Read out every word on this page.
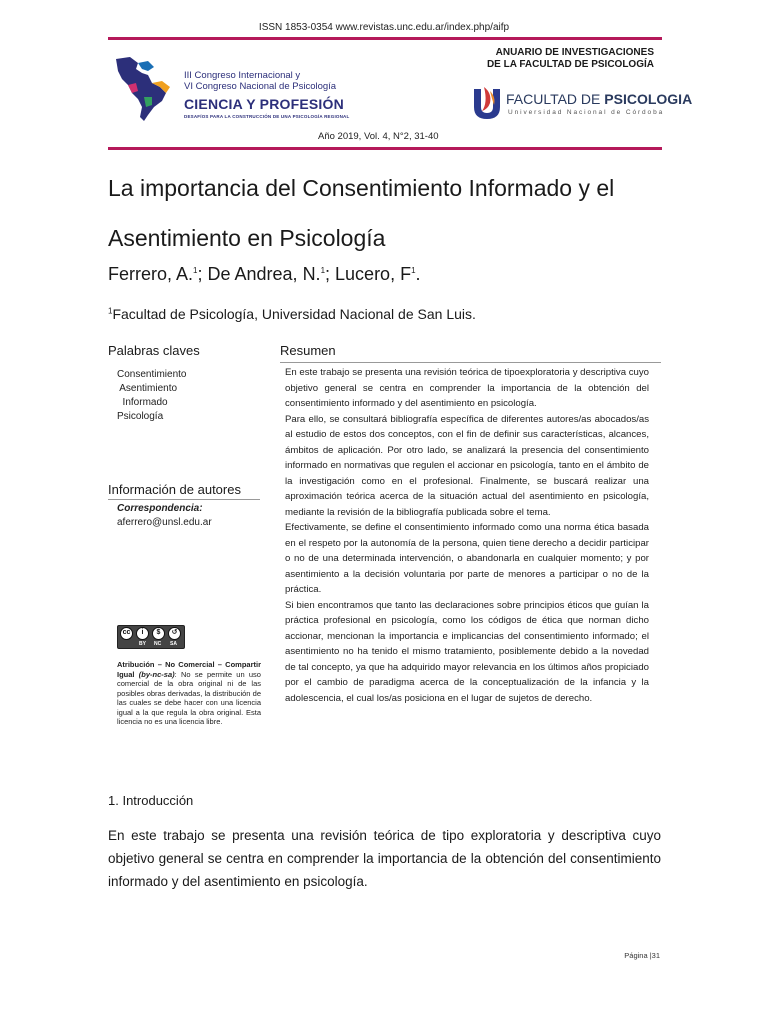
ISSN 1853-0354 www.revistas.unc.edu.ar/index.php/aifp
III Congreso Internacional y
VI Congreso Nacional de Psicología
CIENCIA Y PROFESIÓN
DESAFÍOS PARA LA CONSTRUCCIÓN DE UNA PSICOLOGÍA REGIONAL
ANUARIO DE INVESTIGACIONES
DE LA FACULTAD DE PSICOLOGÍA
FACULTAD DE PSICOLOGIA
Universidad Nacional de Córdoba
Año 2019, Vol. 4, N°2, 31-40
La importancia del Consentimiento Informado y el
Asentimiento en Psicología
Ferrero, A.$^1$; De Andrea, N.$^1$; Lucero, $F^1$.
$^1$Facultad de Psicología, Universidad Nacional de San Luis.
Palabras claves
Consentimiento
Asentimiento
Informado
Psicología
Información de autores
Correspondencia:
aferrero@unsl.edu.ar
cc	i	$	↺
BY NC SA
Atribución – No Comercial – Compartir Igual (by-nc-sa): No se permite un uso comercial de la obra original ni de las posibles obras derivadas, la distribución de las cuales se debe hacer con una licencia igual a la que regula la obra original. Esta licencia no es una licencia libre.
Resumen

En este trabajo se presenta una revisión teórica de tipoexploratoria y descriptiva cuyo objetivo general se centra en comprender la importancia de la obtención del consentimiento informado y del asentimiento en psicología.

Para ello, se consultará bibliografía específica de diferentes autores/as abocados/as al estudio de estos dos conceptos, con el fin de definir sus características, alcances, ámbitos de aplicación. Por otro lado, se analizará la presencia del consentimiento informado en normativas que regulen el accionar en psicología, tanto en el ámbito de la investigación como en el profesional. Finalmente, se buscará realizar una aproximación teórica acerca de la situación actual del asentimiento en psicología, mediante la revisión de la bibliografía publicada sobre el tema.

Efectivamente, se define el consentimiento informado como una norma ética basada en el respeto por la autonomía de la persona, quien tiene derecho a decidir participar o no de una determinada intervención, o abandonarla en cualquier momento; y por asentimiento a la decisión voluntaria por parte de menores a participar o no de la práctica.

Si bien encontramos que tanto las declaraciones sobre principios éticos que guían la práctica profesional en psicología, como los códigos de ética que norman dicho accionar, mencionan la importancia e implicancias del consentimiento informado; el asentimiento no ha tenido el mismo tratamiento, posiblemente debido a la novedad de tal concepto, ya que ha adquirido mayor relevancia en los últimos años propiciado por el cambio de paradigma acerca de la conceptualización de la infancia y la adolescencia, el cual los/as posiciona en el lugar de sujetos de derecho.

1. Introducción
En este trabajo se presenta una revisión teórica de tipo exploratoria y descriptiva cuyo objetivo general se centra en comprender la importancia de la obtención del consentimiento informado y del asentimiento en psicología.
Página |31
